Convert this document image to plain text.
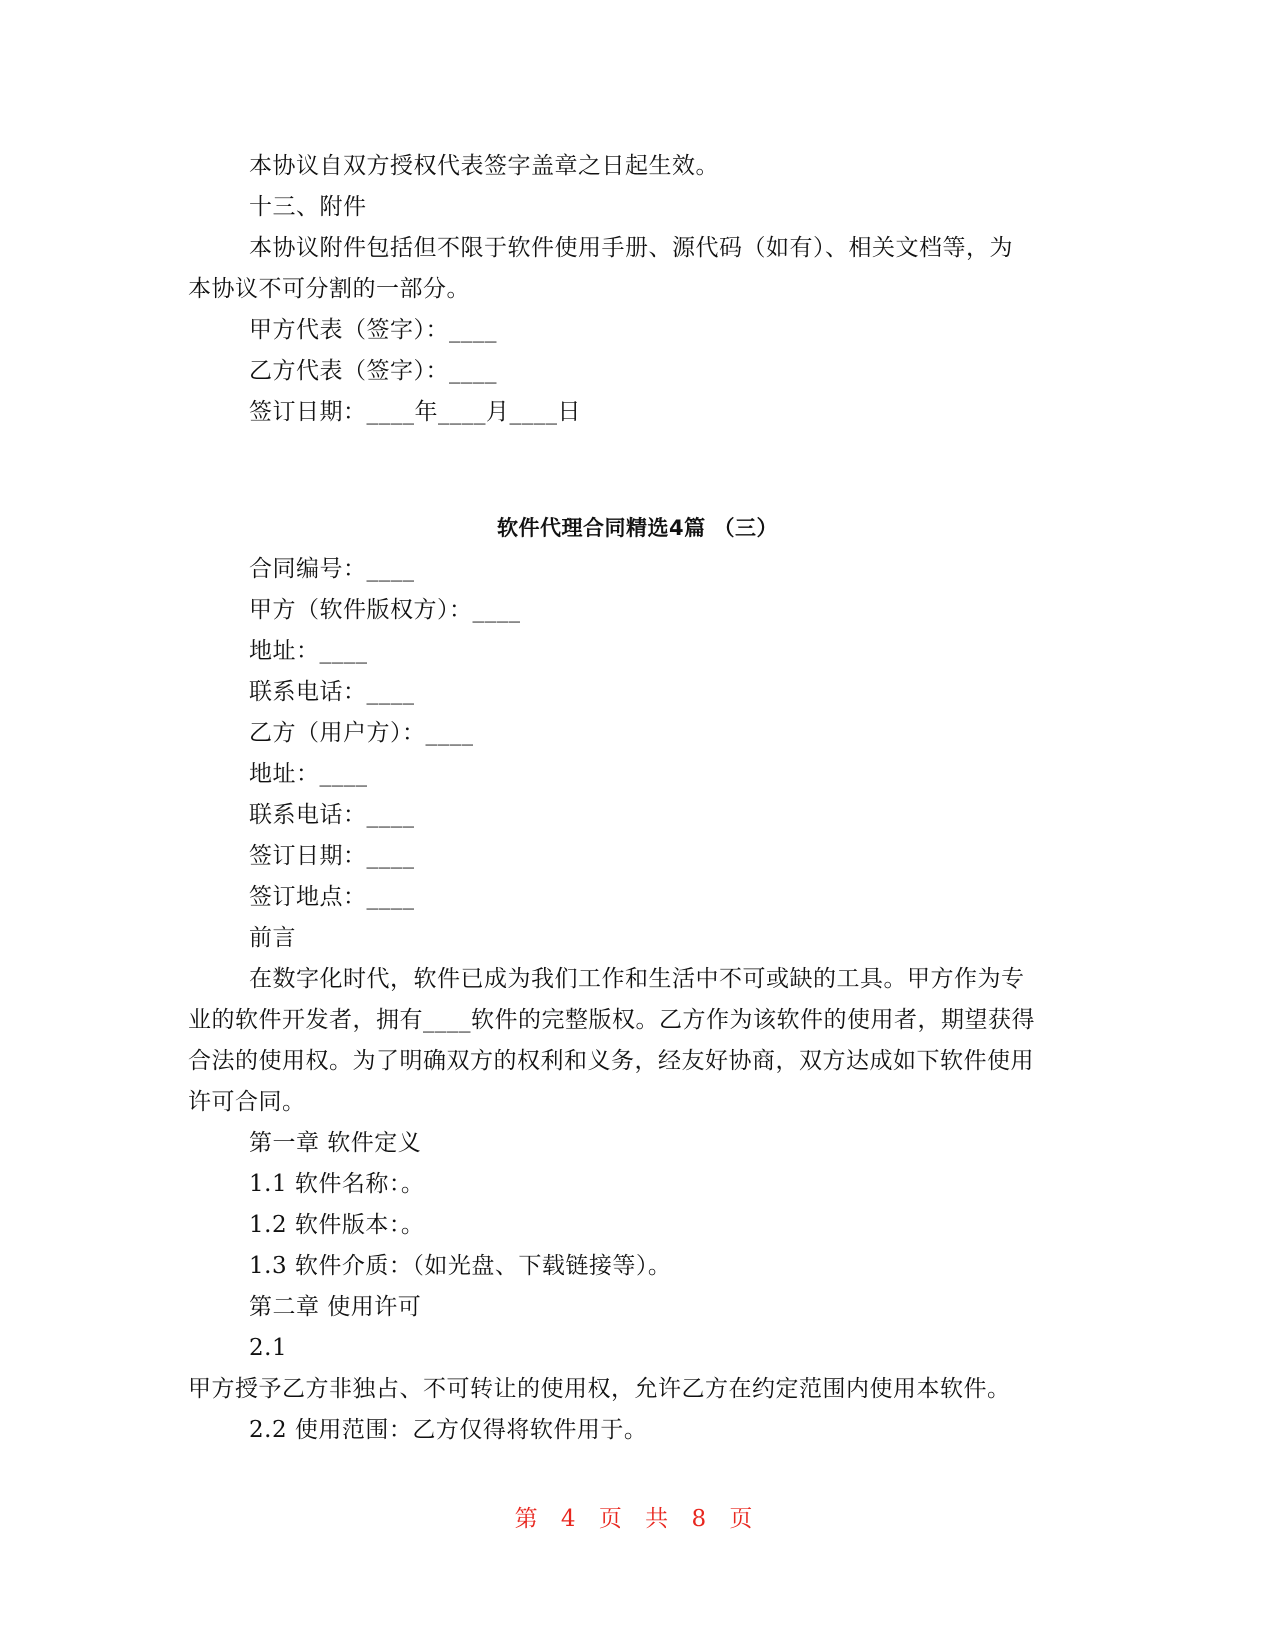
本协议自双方授权代表签字盖章之日起生效。
十三、附件
本协议附件包括但不限于软件使用手册、源代码（如有）、相关文档等，为
本协议不可分割的一部分。
甲方代表（签字）：____
乙方代表（签字）：____
签订日期：____年____月____日
软件代理合同精选4篇 （三）
合同编号：____
甲方（软件版权方）：____
地址：____
联系电话：____
乙方（用户方）：____
地址：____
联系电话：____
签订日期：____
签订地点：____
前言
在数字化时代，软件已成为我们工作和生活中不可或缺的工具。甲方作为专
业的软件开发者，拥有____软件的完整版权。乙方作为该软件的使用者，期望获得
合法的使用权。为了明确双方的权利和义务，经友好协商，双方达成如下软件使用
许可合同。
第一章 软件定义
1.1 软件名称：。
1.2 软件版本：。
1.3 软件介质：（如光盘、下载链接等）。
第二章 使用许可
2.1
甲方授予乙方非独占、不可转让的使用权，允许乙方在约定范围内使用本软件。
2.2 使用范围：乙方仅得将软件用于。
第 4 页 共 8 页
